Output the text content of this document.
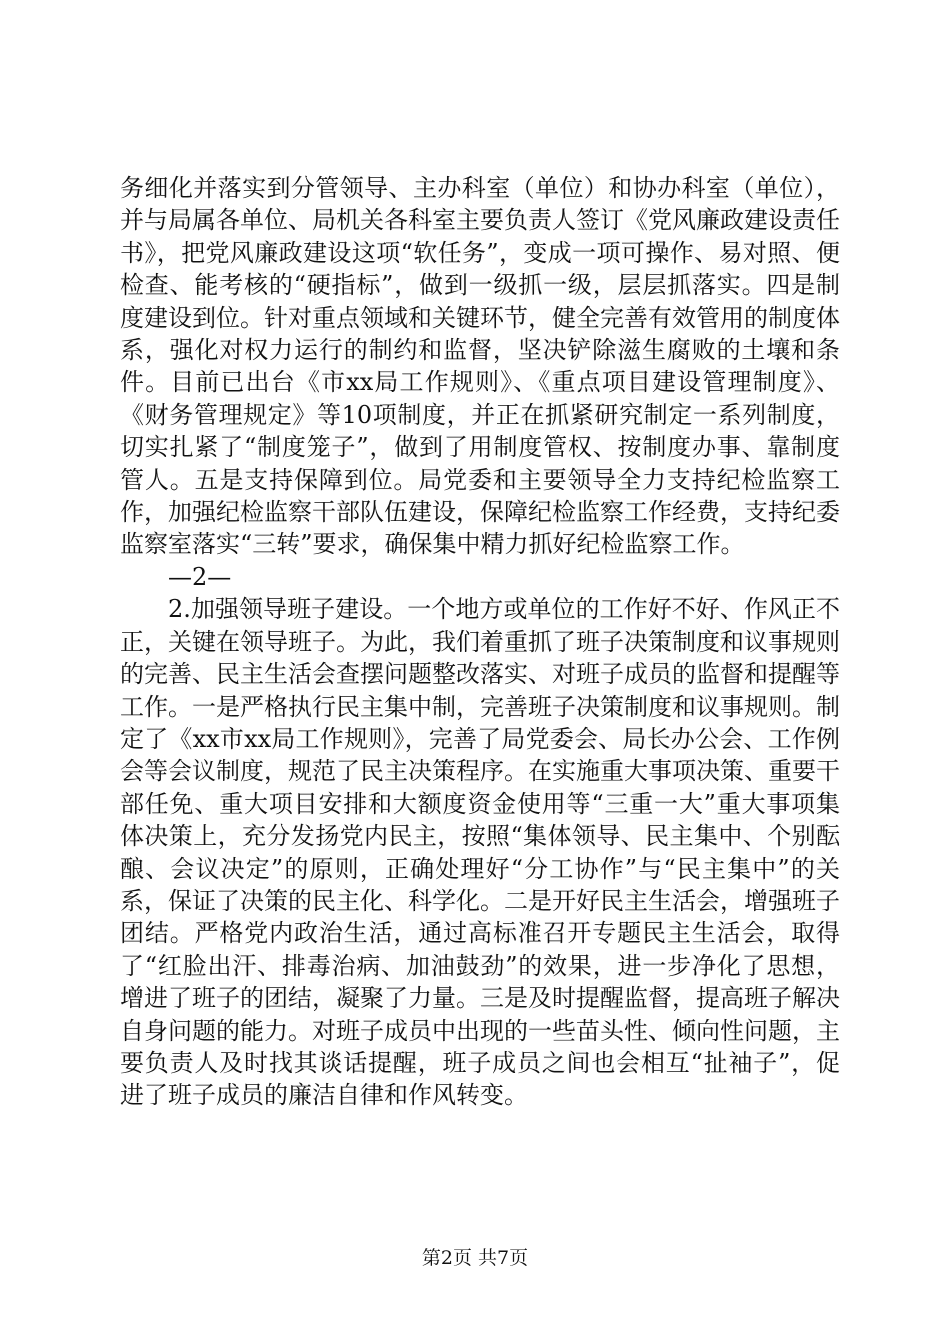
务细化并落实到分管领导、主办科室（单位）和协办科室（单位），并与局属各单位、局机关各科室主要负责人签订《党风廉政建设责任书》，把党风廉政建设这项“软任务”，变成一项可操作、易对照、便检查、能考核的“硬指标”，做到一级抓一级，层层抓落实。四是制度建设到位。针对重点领域和关键环节，健全完善有效管用的制度体系，强化对权力运行的制约和监督，坚决铲除滋生腐败的土壤和条件。目前已出台《市xx局工作规则》、《重点项目建设管理制度》、《财务管理规定》等10项制度，并正在抓紧研究制定一系列制度，切实扎紧了“制度笼子”，做到了用制度管权、按制度办事、靠制度管人。五是支持保障到位。局党委和主要领导全力支持纪检监察工作，加强纪检监察干部队伍建设，保障纪检监察工作经费，支持纪委监察室落实“三转”要求，确保集中精力抓好纪检监察工作。

—2—

2.加强领导班子建设。一个地方或单位的工作好不好、作风正不正，关键在领导班子。为此，我们着重抓了班子决策制度和议事规则的完善、民主生活会查摆问题整改落实、对班子成员的监督和提醒等工作。一是严格执行民主集中制，完善班子决策制度和议事规则。制定了《xx市xx局工作规则》，完善了局党委会、局长办公会、工作例会等会议制度，规范了民主决策程序。在实施重大事项决策、重要干部任免、重大项目安排和大额度资金使用等“三重一大”重大事项集体决策上，充分发扬党内民主，按照“集体领导、民主集中、个别酝酿、会议决定”的原则，正确处理好“分工协作”与“民主集中”的关系，保证了决策的民主化、科学化。二是开好民主生活会，增强班子团结。严格党内政治生活，通过高标准召开专题民主生活会，取得了“红脸出汗、排毒治病、加油鼓劲”的效果，进一步净化了思想，增进了班子的团结，凝聚了力量。三是及时提醒监督，提高班子解决自身问题的能力。对班子成员中出现的一些苗头性、倾向性问题，主要负责人及时找其谈话提醒，班子成员之间也会相互“扯袖子”，促进了班子成员的廉洁自律和作风转变。

第2页 共7页
